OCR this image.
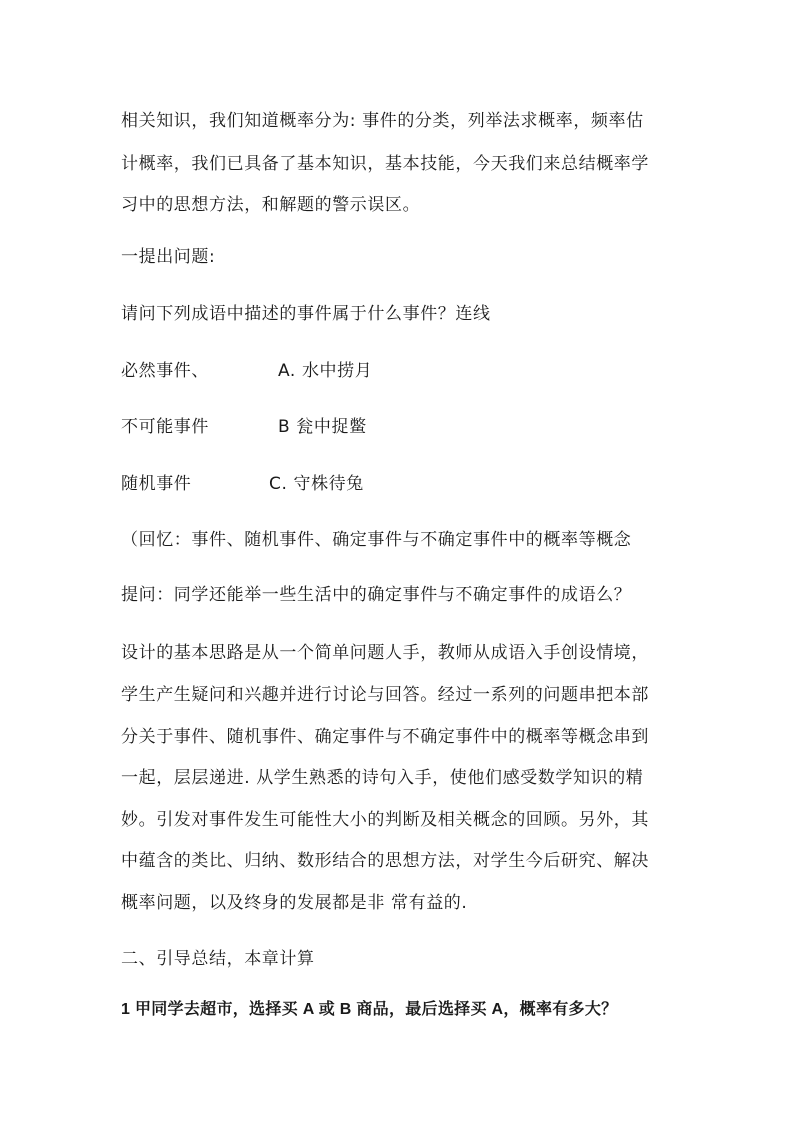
相关知识，我们知道概率分为: 事件的分类，列举法求概率，频率估
计概率，我们已具备了基本知识，基本技能，今天我们来总结概率学
习中的思想方法，和解题的警示误区。
一提出问题:
请问下列成语中描述的事件属于什么事件？连线
必然事件、	A. 水中捞月
不可能事件	B 瓮中捉鳖
随机事件	C. 守株待兔
（回忆：事件、随机事件、确定事件与不确定事件中的概率等概念
提问：同学还能举一些生活中的确定事件与不确定事件的成语么？
设计的基本思路是从一个简单问题人手，教师从成语入手创设情境，
学生产生疑问和兴趣并进行讨论与回答。经过一系列的问题串把本部
分关于事件、随机事件、确定事件与不确定事件中的概率等概念串到
一起，层层递进. 从学生熟悉的诗句入手，使他们感受数学知识的精
妙。引发对事件发生可能性大小的判断及相关概念的回顾。另外，其
中蕴含的类比、归纳、数形结合的思想方法，对学生今后研究、解决
概率问题，以及终身的发展都是非 常有益的.
二、引导总结，本章计算
1 甲同学去超市，选择买 A 或 B 商品，最后选择买 A，概率有多大？
